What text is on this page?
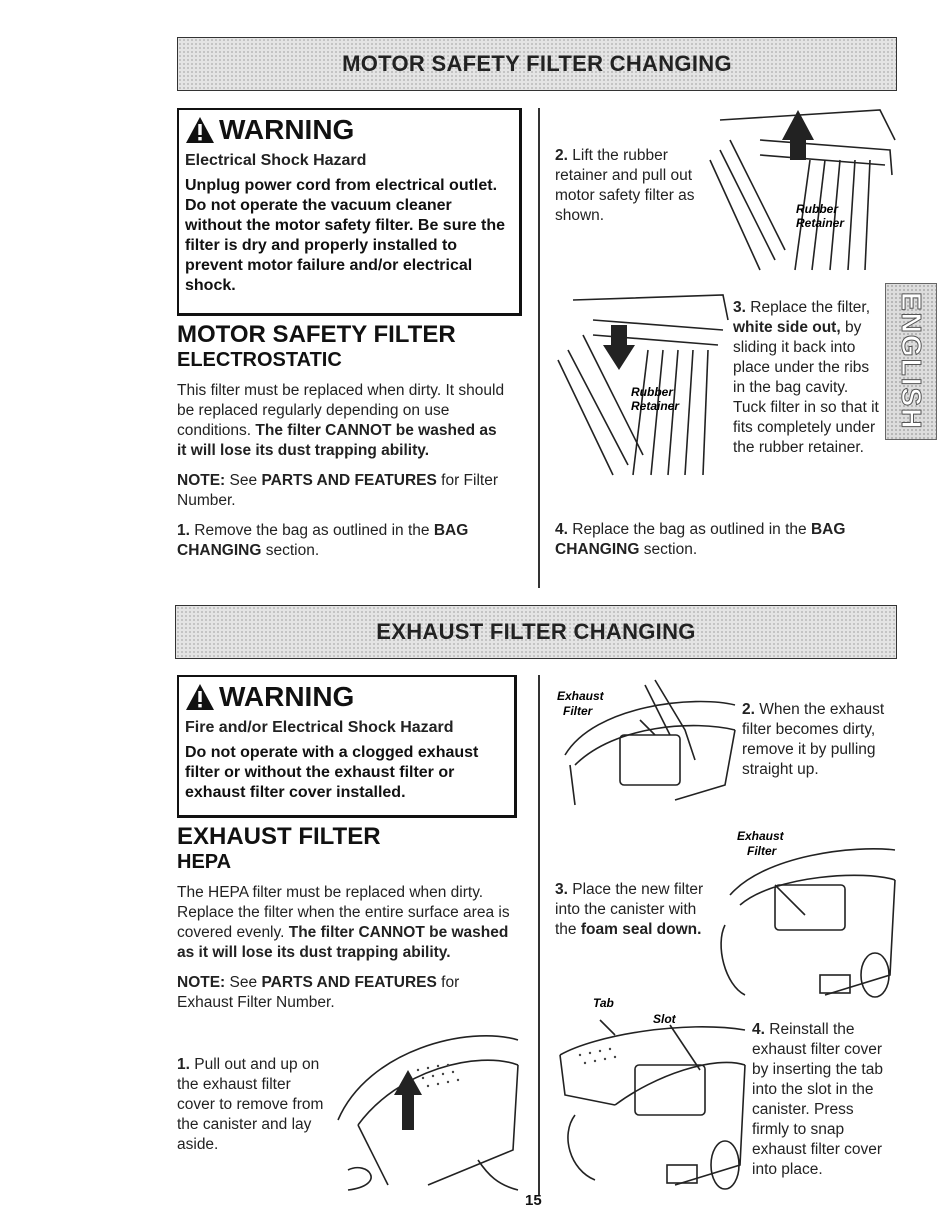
MOTOR SAFETY FILTER CHANGING
WARNING
Electrical Shock Hazard
Unplug power cord from electrical outlet. Do not operate the vacuum cleaner without the motor safety filter. Be sure the filter is dry and properly installed to prevent motor failure and/or electrical shock.
MOTOR SAFETY FILTER
ELECTROSTATIC
This filter must be replaced when dirty. It should be replaced regularly depending on use conditions. The filter CANNOT be washed as it will lose its dust trapping ability.
NOTE: See PARTS AND FEATURES for Filter Number.
1. Remove the bag as outlined in the BAG CHANGING section.
2. Lift the rubber retainer and pull out motor safety filter as shown.	Rubber
Retainer
Rubber
Retainer
3. Replace the filter, white side out, by sliding it back into place under the ribs in the bag cavity. Tuck filter in so that it fits completely under the rubber retainer.
4. Replace the bag as outlined in the BAG CHANGING section.
ENGLISH
EXHAUST FILTER CHANGING
WARNING
Fire and/or Electrical Shock Hazard
Do not operate with a clogged exhaust filter or without the exhaust filter or exhaust filter cover installed.
EXHAUST FILTER
HEPA
The HEPA filter must be replaced when dirty. Replace the filter when the entire surface area is covered evenly. The filter CANNOT be washed as it will lose its dust trapping ability.
NOTE: See PARTS AND FEATURES for Exhaust Filter Number.
1. Pull out and up on the exhaust filter cover to remove from the canister and lay aside.
Exhaust
Filter	2. When the exhaust filter becomes dirty, remove it by pulling straight up.
3. Place the new filter into the canister with the foam seal down.
Exhaust
Filter
Tab
Slot
4. Reinstall the exhaust filter cover by inserting the tab into the slot in the canister. Press firmly to snap exhaust filter cover into place.
15
